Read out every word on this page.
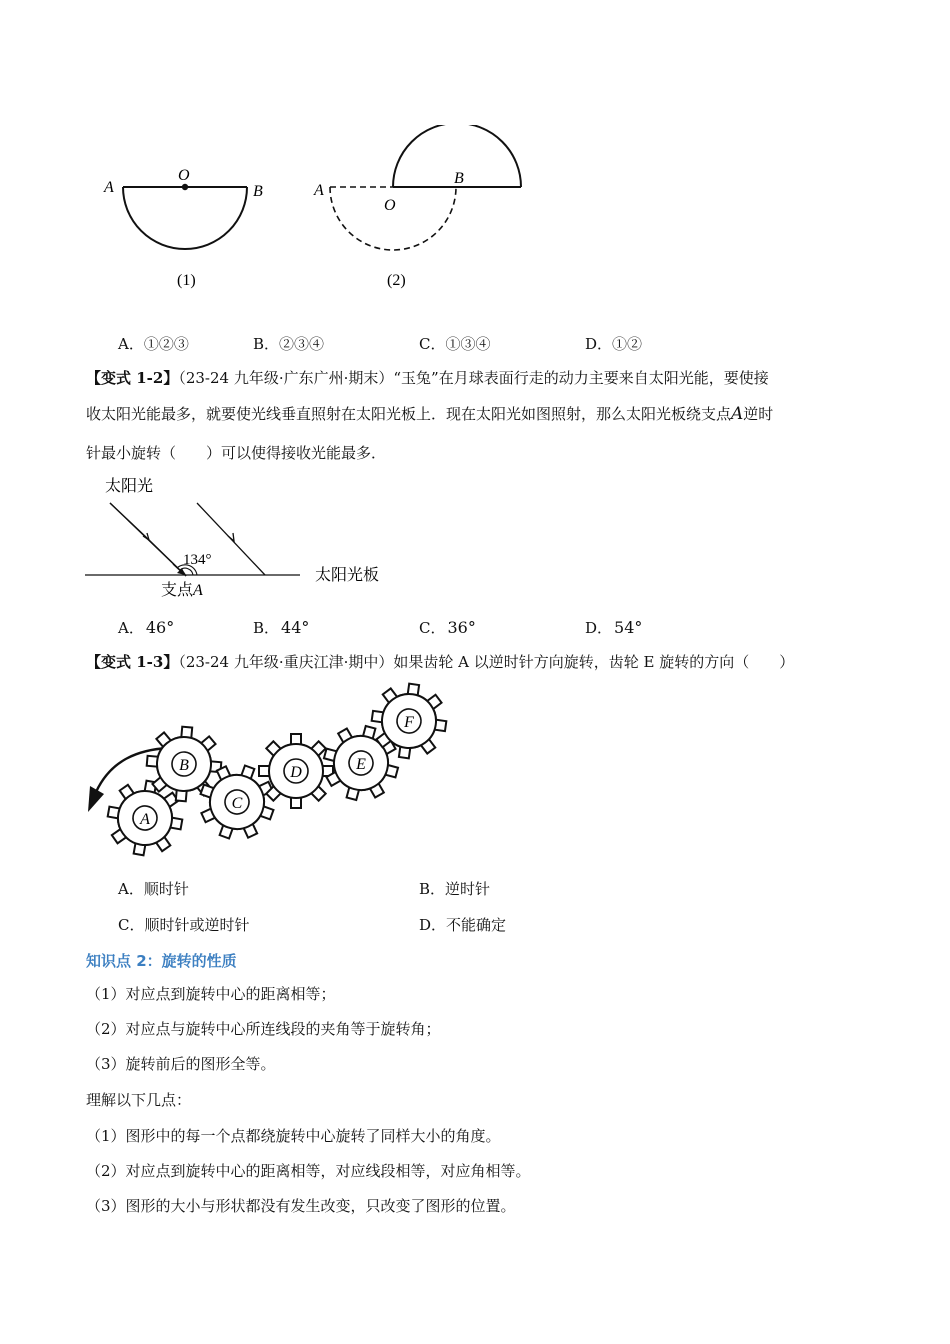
A
O
B
(1)
A
O
B
(2)
A．①②③	B．②③④	C．①③④	D．①②
【变式 1-2】（23-24 九年级·广东广州·期末）“玉兔”在月球表面行走的动力主要来自太阳光能，要使接
收太阳光能最多，就要使光线垂直照射在太阳光板上．现在太阳光如图照射，那么太阳光板绕支点A逆时
针最小旋转（　　）可以使得接收光能最多．
太阳光
134°
支点A
太阳光板
A． 46°	B． 44°	C． 36°	D． 54°
【变式 1-3】（23-24 九年级·重庆江津·期中）如果齿轮 A 以逆时针方向旋转，齿轮 E 旋转的方向（　　）
A
B
C
D	E
F
A．顺时针	B．逆时针
C．顺时针或逆时针	D．不能确定
知识点 2：旋转的性质
（1）对应点到旋转中心的距离相等；
（2）对应点与旋转中心所连线段的夹角等于旋转角；
（3）旋转前后的图形全等。
理解以下几点：
（1）图形中的每一个点都绕旋转中心旋转了同样大小的角度。
（2）对应点到旋转中心的距离相等，对应线段相等，对应角相等。
（3）图形的大小与形状都没有发生改变，只改变了图形的位置。
